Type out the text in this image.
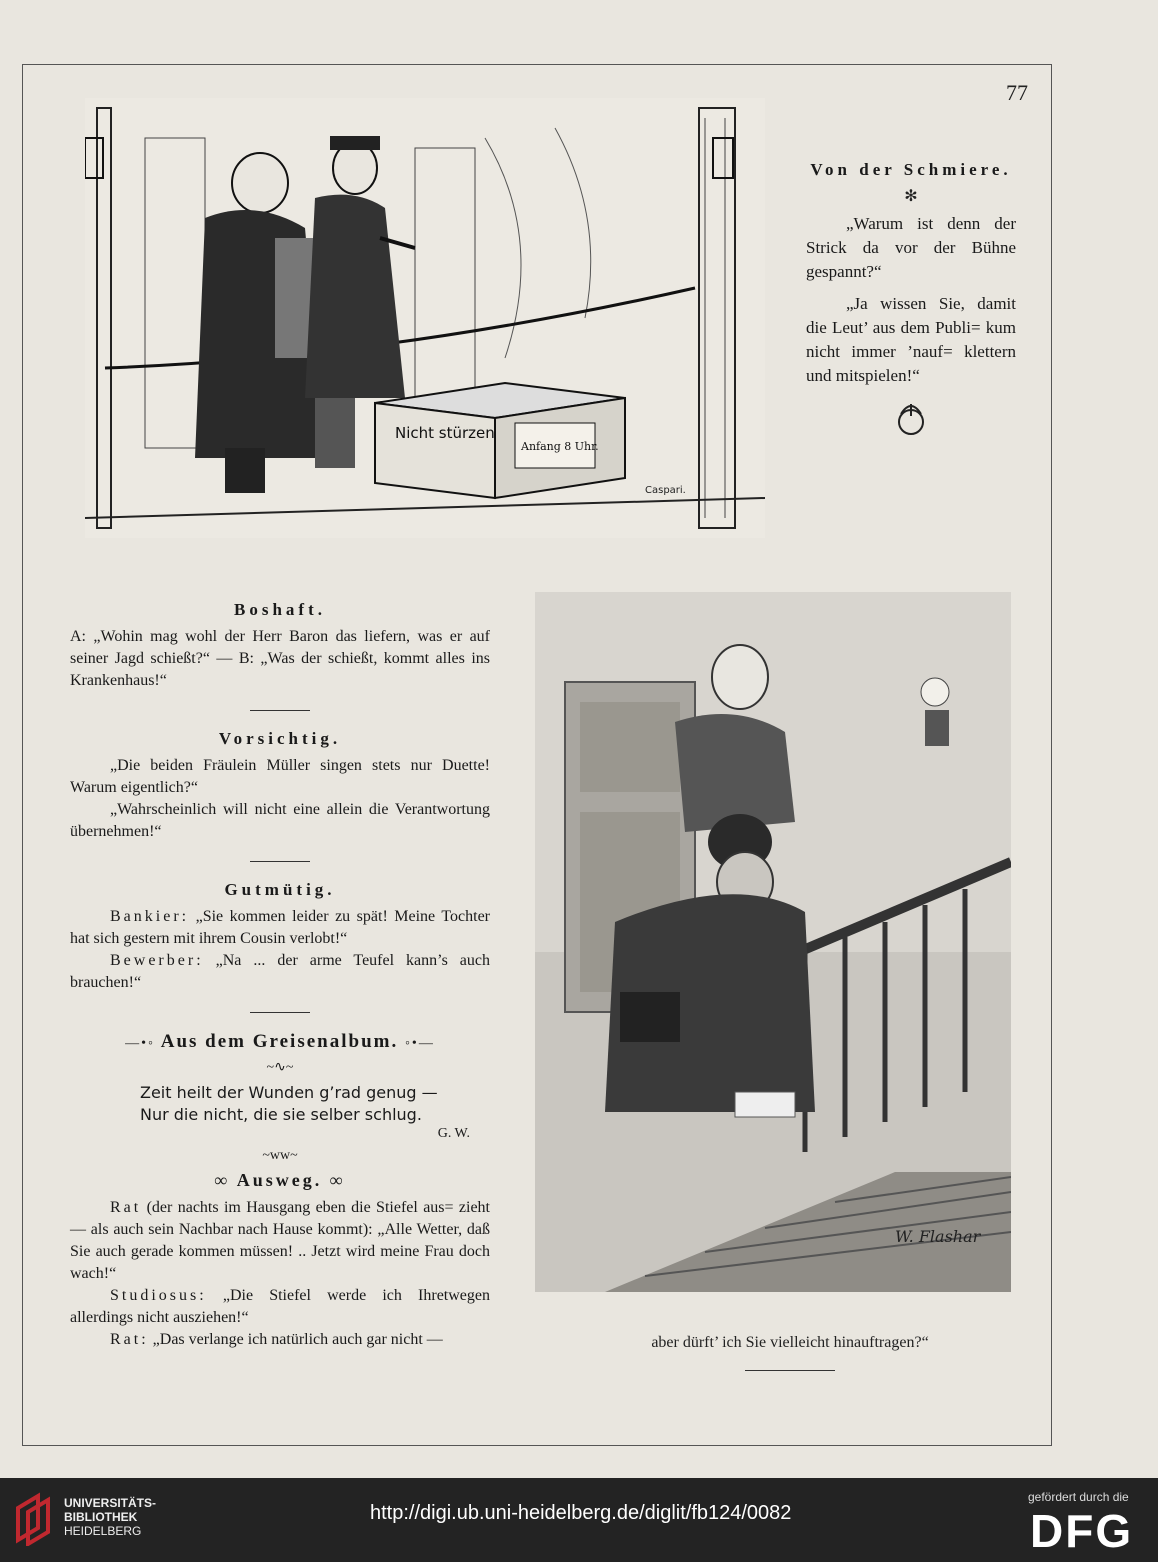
77
Nicht stürzen
Anfang 8 Uhr.
Caspari.
Von der Schmiere.
✻

„Warum ist denn der Strick da vor der Bühne gespannt?“

„Ja wissen Sie, damit die Leut’ aus dem Publi= kum nicht immer ’nauf= klettern und mitspielen!“

Boshaft.

A: „Wohin mag wohl der Herr Baron das liefern, was er auf seiner Jagd schießt?“ — B: „Was der schießt, kommt alles ins Krankenhaus!“

Vorsichtig.

„Die beiden Fräulein Müller singen stets nur Duette! Warum eigentlich?“

„Wahrscheinlich will nicht eine allein die Verantwortung übernehmen!“

Gutmütig.

Bankier: „Sie kommen leider zu spät! Meine Tochter hat sich gestern mit ihrem Cousin verlobt!“

Bewerber: „Na ... der arme Teufel kann’s auch brauchen!“

—•◦ Aus dem Greisenalbum. ◦•—
~∿~
Zeit heilt der Wunden g’rad genug —
Nur die nicht, die sie selber schlug.
G. W.
~ww~
∞ Ausweg. ∞

Rat (der nachts im Hausgang eben die Stiefel aus= zieht — als auch sein Nachbar nach Hause kommt): „Alle Wetter, daß Sie auch gerade kommen müssen! .. Jetzt wird meine Frau doch wach!“

Studiosus: „Die Stiefel werde ich Ihretwegen allerdings nicht ausziehen!“

Rat: „Das verlange ich natürlich auch gar nicht —

W. Flashar
aber dürft’ ich Sie vielleicht hinauftragen?“
UNIVERSITÄTS-
BIBLIOTHEK
HEIDELBERG
http://digi.ub.uni-heidelberg.de/diglit/fb124/0082
gefördert durch die
DFG
